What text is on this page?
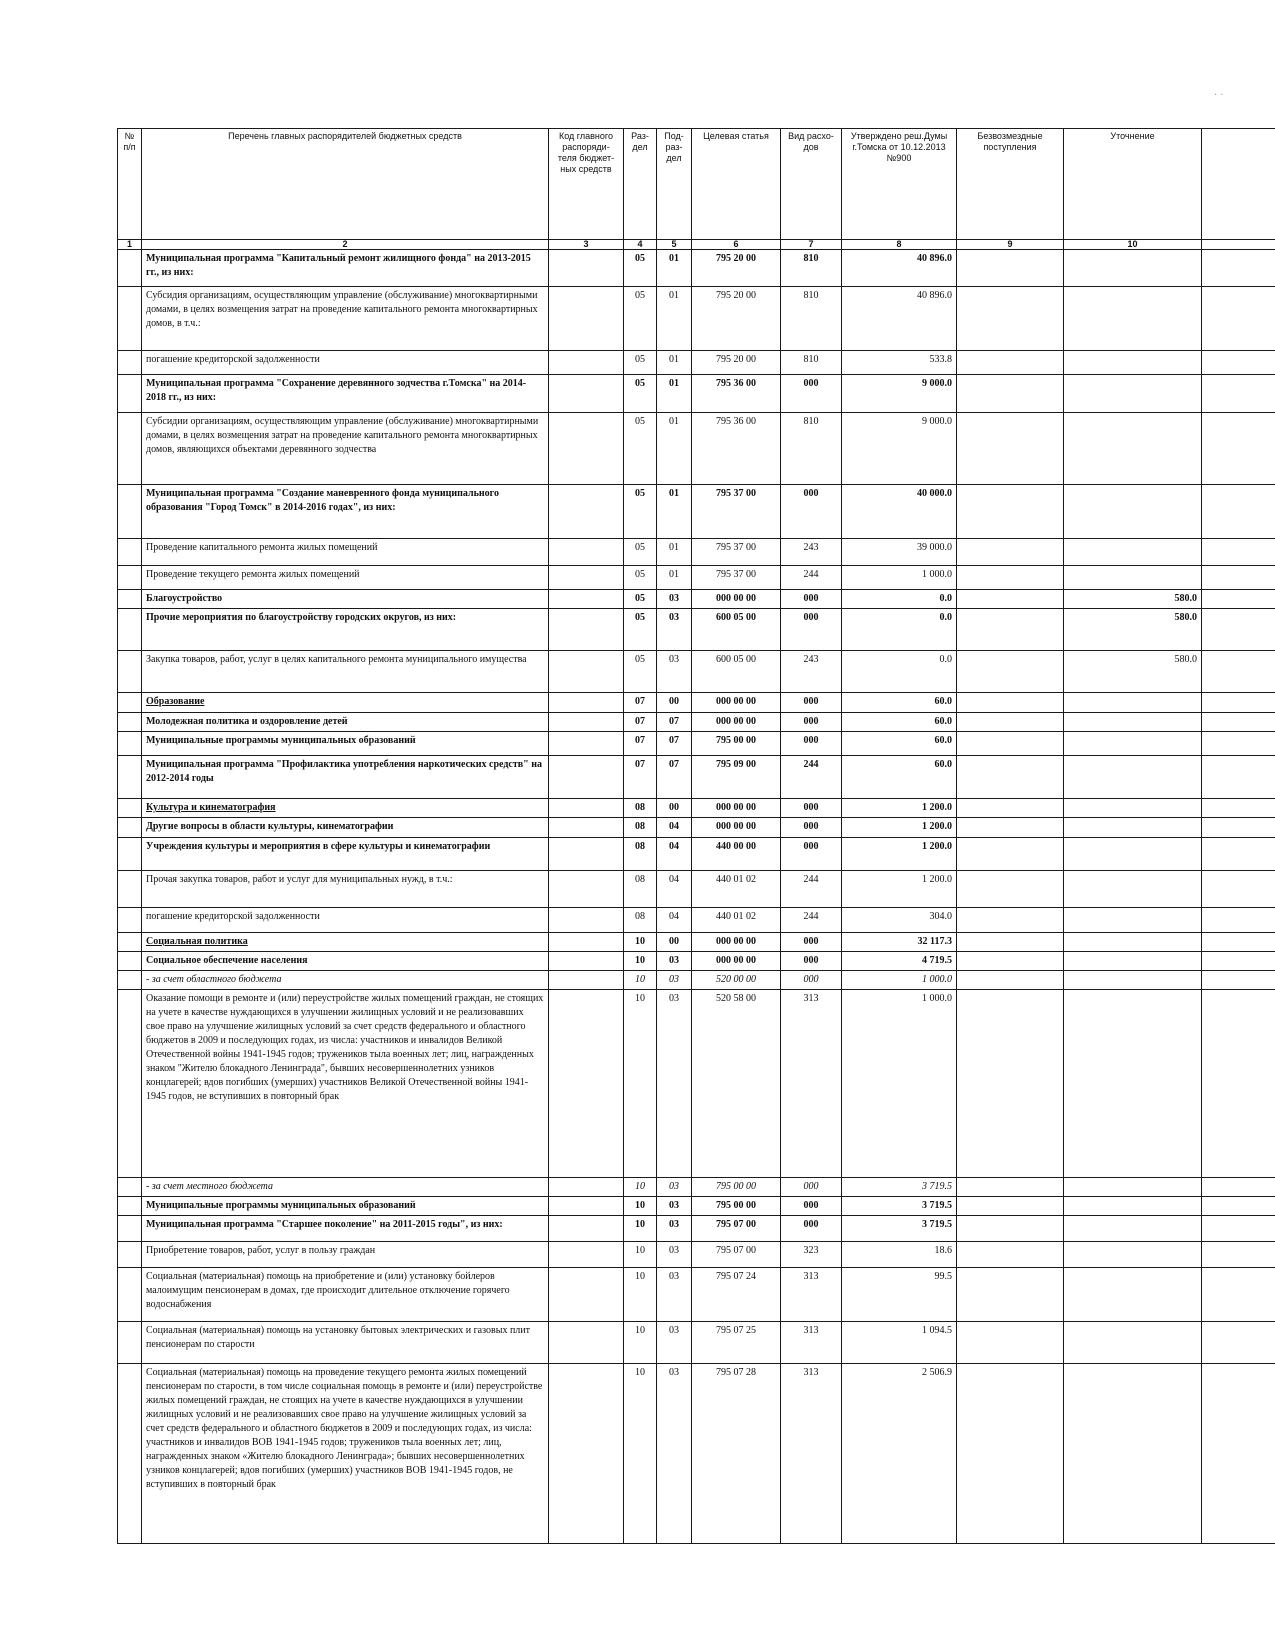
№ п/п	Перечень главных распорядителей бюджетных средств	Код главного распоряди-теля бюджет-ных средств	Раз-дел	Под-раз-дел	Целевая статья	Вид расхо-дов	Утверждено реш.Думы г.Томска от 10.12.2013 №900	Безвозмездные поступления	Уточнение	
1	2	3	4	5	6	7	8	9	10	
	Муниципальная программа "Капитальный ремонт жилищного фонда" на 2013-2015 гг., из них:		05	01	795 20 00	810	40 896.0			
	Субсидия организациям, осуществляющим управление (обслуживание) многоквартирными домами, в целях возмещения затрат на проведение капитального ремонта многоквартирных домов, в т.ч.:		05	01	795 20 00	810	40 896.0			
	погашение кредиторской задолженности		05	01	795 20 00	810	533.8			
	Муниципальная программа "Сохранение деревянного зодчества г.Томска" на 2014-2018 гг., из них:		05	01	795 36 00	000	9 000.0			
	Субсидии организациям, осуществляющим управление (обслуживание) многоквартирными домами, в целях возмещения затрат на проведение капитального ремонта многоквартирных домов, являющихся объектами деревянного зодчества		05	01	795 36 00	810	9 000.0			
	Муниципальная программа "Создание маневренного фонда муниципального образования "Город Томск" в 2014-2016 годах", из них:		05	01	795 37 00	000	40 000.0			
	Проведение капитального ремонта жилых помещений		05	01	795 37 00	243	39 000.0			
	Проведение текущего ремонта жилых помещений		05	01	795 37 00	244	1 000.0			
	Благоустройство		05	03	000 00 00	000	0.0		580.0	
	Прочие мероприятия по благоустройству городских округов, из них:		05	03	600 05 00	000	0.0		580.0	
	Закупка товаров, работ, услуг в целях капитального ремонта муниципального имущества		05	03	600 05 00	243	0.0		580.0	
	Образование		07	00	000 00 00	000	60.0			
	Молодежная политика и оздоровление детей		07	07	000 00 00	000	60.0			
	Муниципальные программы муниципальных образований		07	07	795 00 00	000	60.0			
	Муниципальная программа "Профилактика употребления наркотических средств" на 2012-2014 годы		07	07	795 09 00	244	60.0			
	Культура и кинематография		08	00	000 00 00	000	1 200.0			
	Другие вопросы в области культуры, кинематографии		08	04	000 00 00	000	1 200.0			
	Учреждения культуры и мероприятия в сфере культуры и кинематографии		08	04	440 00 00	000	1 200.0			
	Прочая закупка товаров, работ и услуг для муниципальных нужд, в т.ч.:		08	04	440 01 02	244	1 200.0			
	погашение кредиторской задолженности		08	04	440 01 02	244	304.0			
	Социальная политика		10	00	000 00 00	000	32 117.3			
	Социальное обеспечение населения		10	03	000 00 00	000	4 719.5			
	- за счет областного бюджета		10	03	520 00 00	000	1 000.0			
	Оказание помощи в ремонте и (или) переустройстве жилых помещений граждан, не стоящих на учете в качестве нуждающихся в улучшении жилищных условий и не реализовавших свое право на улучшение жилищных условий за счет средств федерального и областного бюджетов в 2009 и последующих годах, из числа: участников и инвалидов Великой Отечественной войны 1941-1945 годов; тружеников тыла военных лет; лиц, награжденных знаком "Жителю блокадного Ленинграда", бывших несовершеннолетних узников концлагерей; вдов погибших (умерших) участников Великой Отечественной войны 1941-1945 годов, не вступивших в повторный брак		10	03	520 58 00	313	1 000.0			
	- за счет местного бюджета		10	03	795 00 00	000	3 719.5			
	Муниципальные программы муниципальных образований		10	03	795 00 00	000	3 719.5			
	Муниципальная программа "Старшее поколение" на 2011-2015 годы", из них:		10	03	795 07 00	000	3 719.5			
	Приобретение товаров, работ, услуг в пользу граждан		10	03	795 07 00	323	18.6			
	Социальная (материальная) помощь на приобретение и (или) установку бойлеров малоимущим пенсионерам в домах, где происходит длительное отключение горячего водоснабжения		10	03	795 07 24	313	99.5			
	Социальная (материальная) помощь на установку бытовых электрических и газовых плит пенсионерам по старости		10	03	795 07 25	313	1 094.5			
	Социальная (материальная) помощь на проведение текущего ремонта жилых помещений пенсионерам по старости, в том числе социальная помощь в ремонте и (или) переустройстве жилых помещений граждан, не стоящих на учете в качестве нуждающихся в улучшении жилищных условий и не реализовавших свое право на улучшение жилищных условий за счет средств федерального и областного бюджетов в 2009 и последующих годах, из числа: участников и инвалидов ВОВ 1941-1945 годов; тружеников тыла военных лет; лиц, награжденных знаком «Жителю блокадного Ленинграда»; бывших несовершеннолетних узников концлагерей; вдов погибших (умерших) участников ВОВ 1941-1945 годов, не вступивших в повторный брак		10	03	795 07 28	313	2 506.9			
· ·
